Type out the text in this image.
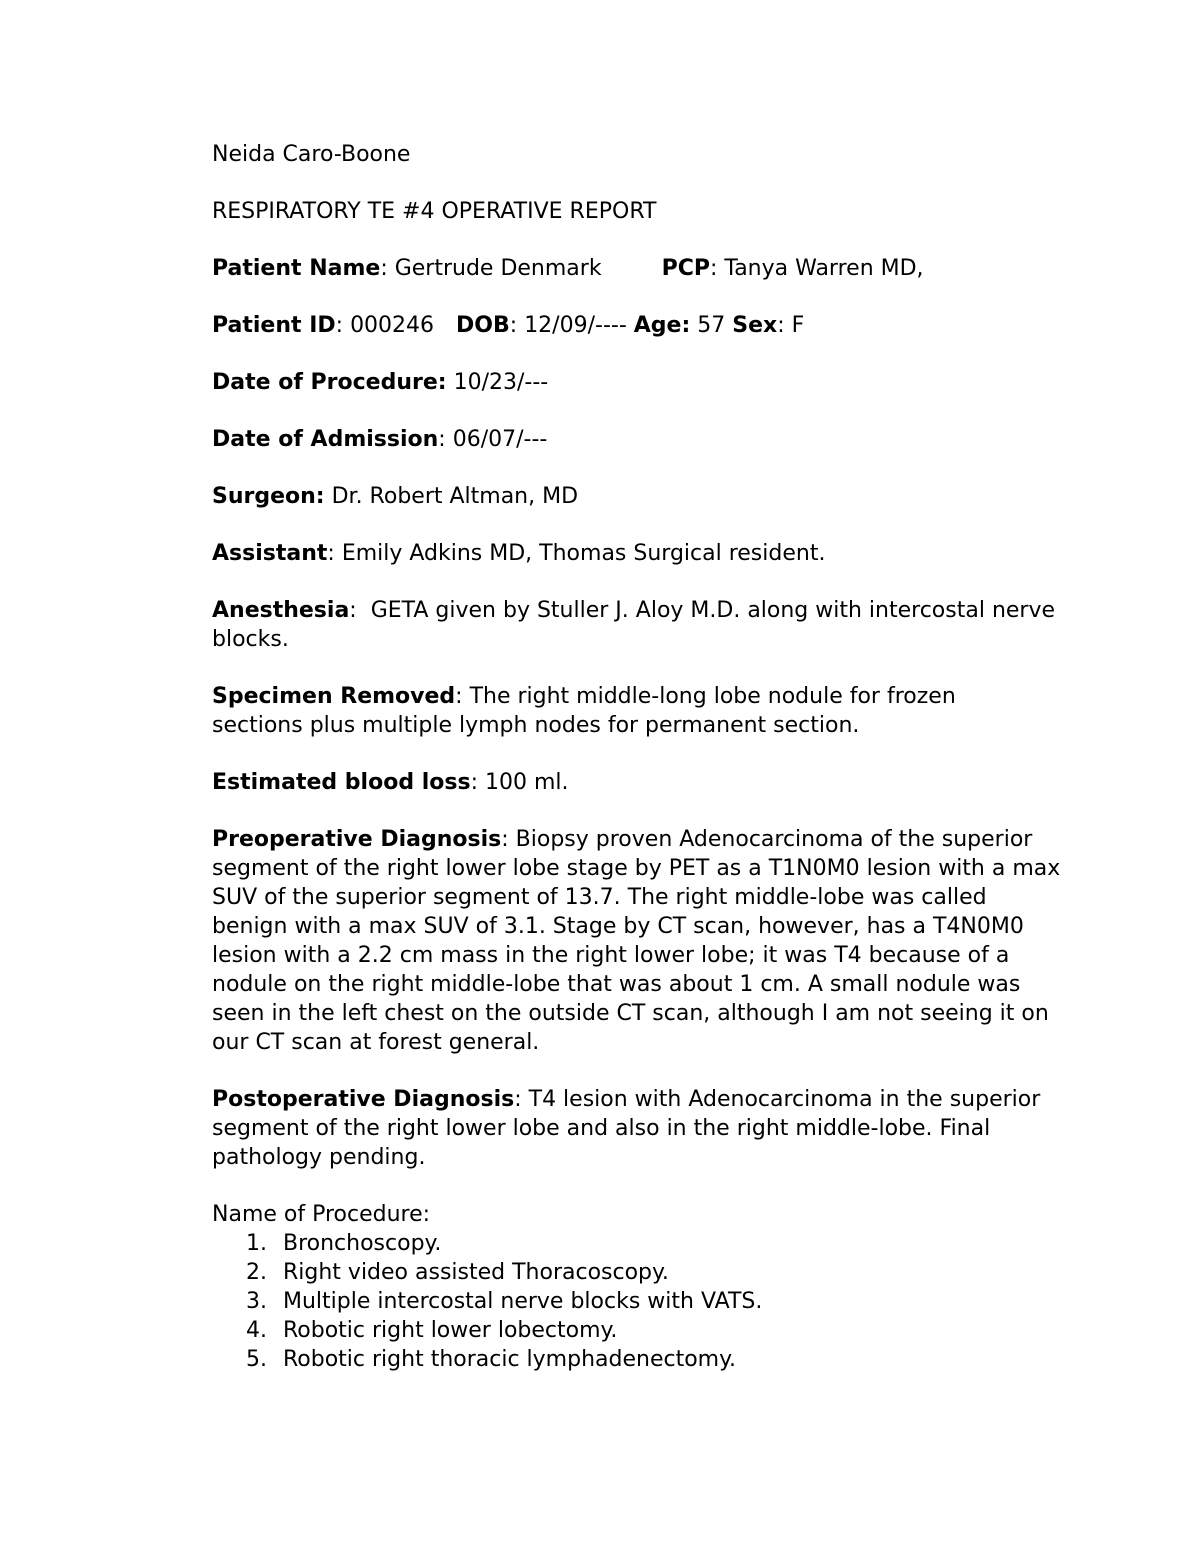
Neida Caro-Boone

RESPIRATORY TE #4 OPERATIVE REPORT

Patient Name: Gertrude Denmark	PCP: Tanya Warren MD,

Patient ID: 000246 DOB: 12/09/---- Age: 57 Sex: F

Date of Procedure: 10/23/---

Date of Admission: 06/07/---

Surgeon: Dr. Robert Altman, MD

Assistant: Emily Adkins MD, Thomas Surgical resident.

Anesthesia:  GETA given by Stuller J. Aloy M.D. along with intercostal nerve blocks.

Specimen Removed: The right middle-long lobe nodule for frozen sections plus multiple lymph nodes for permanent section.

Estimated blood loss: 100 ml.

Preoperative Diagnosis: Biopsy proven Adenocarcinoma of the superior segment of the right lower lobe stage by PET as a T1N0M0 lesion with a max SUV of the superior segment of 13.7. The right middle-lobe was called benign with a max SUV of 3.1. Stage by CT scan, however, has a T4N0M0 lesion with a 2.2 cm mass in the right lower lobe; it was T4 because of a nodule on the right middle-lobe that was about 1 cm. A small nodule was seen in the left chest on the outside CT scan, although I am not seeing it on our CT scan at forest general.

Postoperative Diagnosis: T4 lesion with Adenocarcinoma in the superior segment of the right lower lobe and also in the right middle-lobe. Final pathology pending.

Name of Procedure:

1. Bronchoscopy.
2. Right video assisted Thoracoscopy.
3. Multiple intercostal nerve blocks with VATS.
4. Robotic right lower lobectomy.
5. Robotic right thoracic lymphadenectomy.
